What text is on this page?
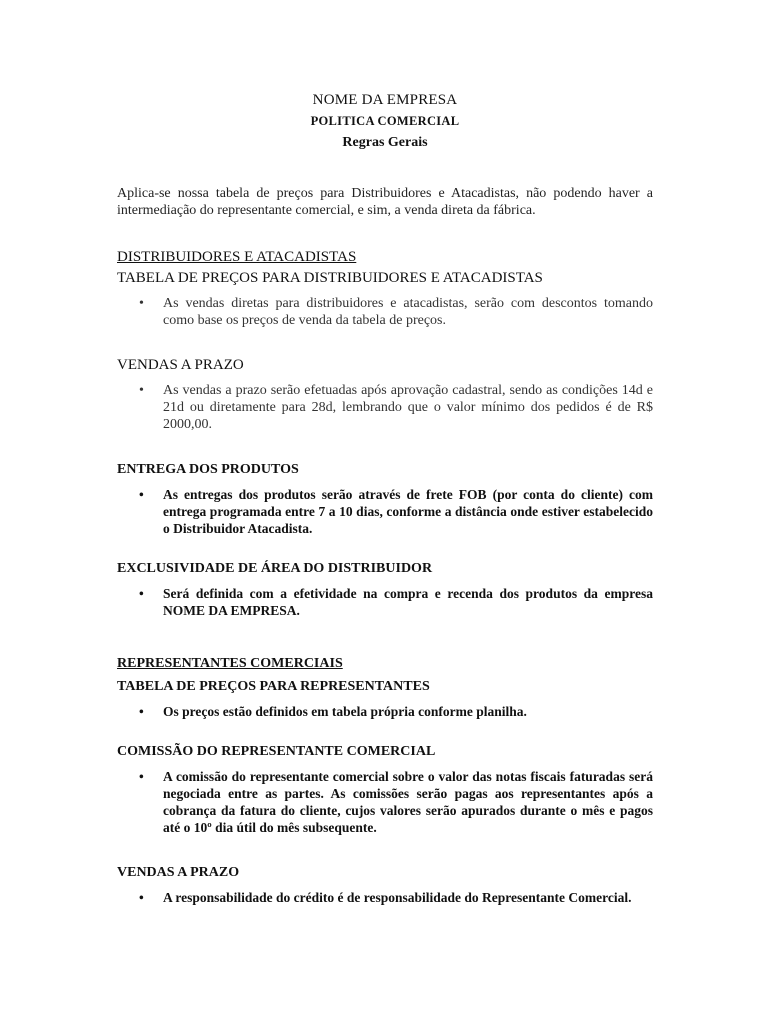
NOME DA EMPRESA
POLITICA COMERCIAL
Regras Gerais

Aplica-se nossa tabela de preços para Distribuidores e Atacadistas, não podendo haver a intermediação do representante comercial, e sim, a venda direta da fábrica.

DISTRIBUIDORES E ATACADISTAS
TABELA DE PREÇOS PARA DISTRIBUIDORES E ATACADISTAS
• As vendas diretas para distribuidores e atacadistas, serão com descontos tomando como base os preços de venda da tabela de preços.
VENDAS A PRAZO
• As vendas a prazo serão efetuadas após aprovação cadastral, sendo as condições 14d e 21d ou diretamente para 28d, lembrando que o valor mínimo dos pedidos é de R$ 2000,00.
ENTREGA DOS PRODUTOS
• As entregas dos produtos serão através de frete FOB (por conta do cliente) com entrega programada entre 7 a 10 dias, conforme a distância onde estiver estabelecido o Distribuidor Atacadista.
EXCLUSIVIDADE DE ÁREA DO DISTRIBUIDOR
• Será definida com a efetividade na compra e recenda dos produtos da empresa NOME DA EMPRESA.
REPRESENTANTES COMERCIAIS
TABELA DE PREÇOS PARA REPRESENTANTES
• Os preços estão definidos em tabela própria conforme planilha.
COMISSÃO DO REPRESENTANTE COMERCIAL
• A comissão do representante comercial sobre o valor das notas fiscais faturadas será negociada entre as partes. As comissões serão pagas aos representantes após a cobrança da fatura do cliente, cujos valores serão apurados durante o mês e pagos até o 10º dia útil do mês subsequente.
VENDAS A PRAZO
• A responsabilidade do crédito é de responsabilidade do Representante Comercial.
